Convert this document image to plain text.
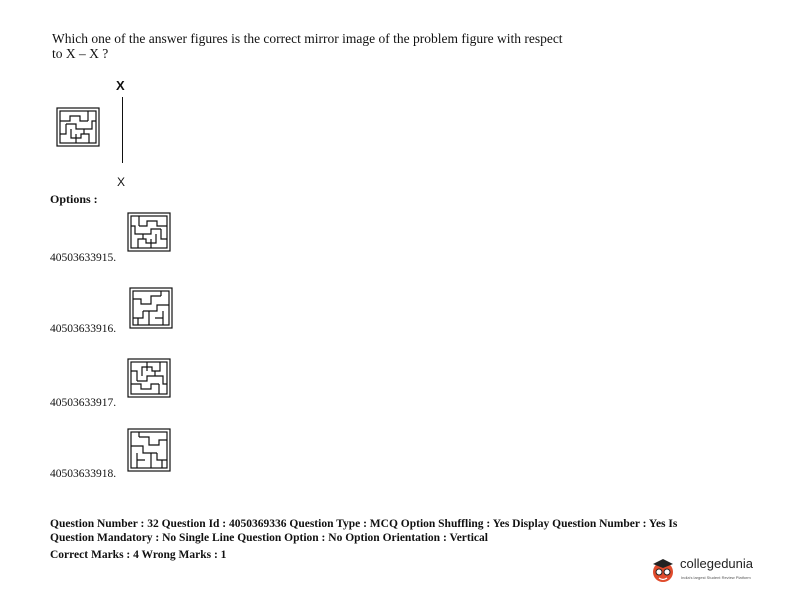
Which one of the answer figures is the correct mirror image of the problem figure with respect
to X – X ?
X
X
Options :
40503633915.
40503633916.
40503633917.
40503633918.
Question Number : 32 Question Id : 4050369336 Question Type : MCQ Option Shuffling : Yes Display Question Number : Yes Is
Question Mandatory : No Single Line Question Option : No Option Orientation : Vertical
Correct Marks : 4 Wrong Marks : 1
collegedunia
India's largest Student Review Platform
